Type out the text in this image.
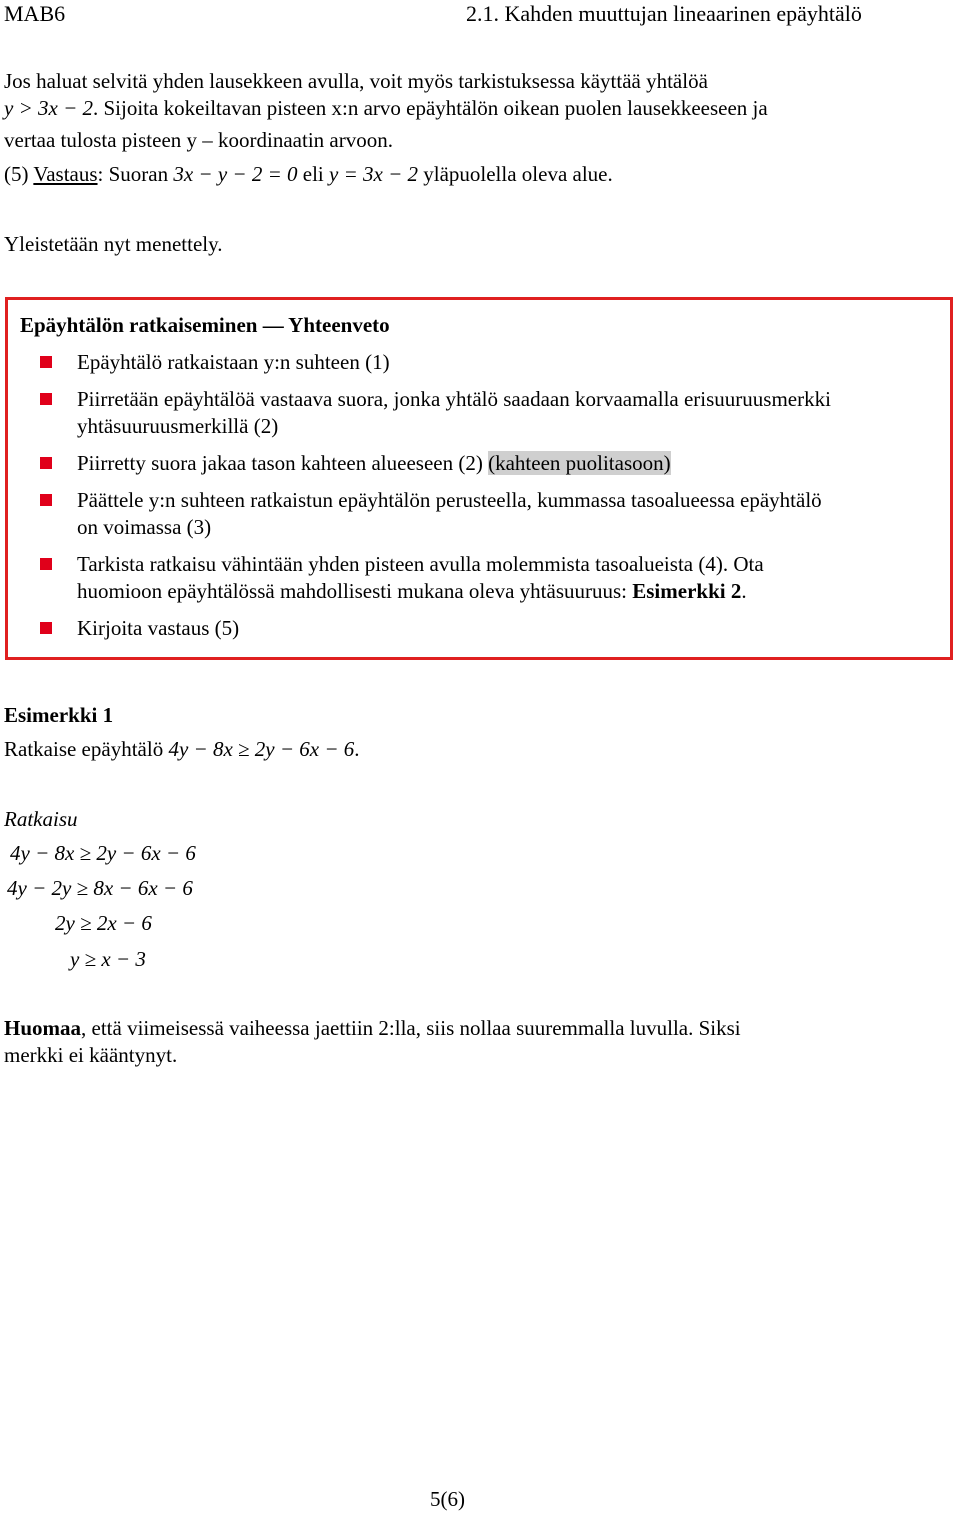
MAB6	2.1. Kahden muuttujan lineaarinen epäyhtälö
Jos haluat selvitä yhden lausekkeen avulla, voit myös tarkistuksessa käyttää yhtälöä
y > 3x − 2. Sijoita kokeiltavan pisteen x:n arvo epäyhtälön oikean puolen lausekkeeseen ja
vertaa tulosta pisteen y – koordinaatin arvoon.
(5) Vastaus: Suoran 3x − y − 2 = 0 eli y = 3x − 2 yläpuolella oleva alue.
Yleistetään nyt menettely.
Epäyhtälön ratkaiseminen — Yhteenveto
Epäyhtälö ratkaistaan y:n suhteen (1)
Piirretään epäyhtälöä vastaava suora, jonka yhtälö saadaan korvaamalla erisuuruusmerkki
yhtäsuuruusmerkillä (2)
Piirretty suora jakaa tason kahteen alueeseen (2) (kahteen puolitasoon)
Päättele y:n suhteen ratkaistun epäyhtälön perusteella, kummassa tasoalueessa epäyhtälö
on voimassa (3)
Tarkista ratkaisu vähintään yhden pisteen avulla molemmista tasoalueista (4). Ota
huomioon epäyhtälössä mahdollisesti mukana oleva yhtäsuuruus: Esimerkki 2.
Kirjoita vastaus (5)
Esimerkki 1
Ratkaise epäyhtälö 4y − 8x ≥ 2y − 6x − 6.
Ratkaisu
4y − 8x ≥ 2y − 6x − 6
4y − 2y ≥ 8x − 6x − 6
2y ≥ 2x − 6
y ≥ x − 3
Huomaa, että viimeisessä vaiheessa jaettiin 2:lla, siis nollaa suuremmalla luvulla. Siksi
merkki ei kääntynyt.
5(6)
